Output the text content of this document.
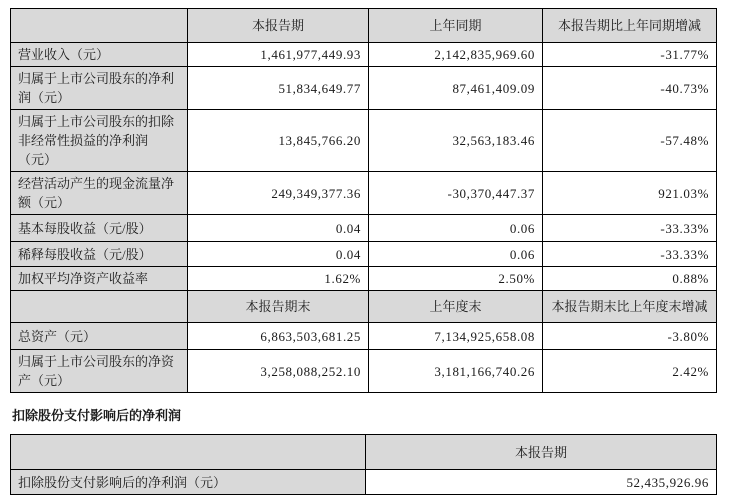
	本报告期	上年同期	本报告期比上年同期增减
营业收入（元）	1,461,977,449.93	2,142,835,969.60	-31.77%
归属于上市公司股东的净利润（元）	51,834,649.77	87,461,409.09	-40.73%
归属于上市公司股东的扣除非经常性损益的净利润（元）	13,845,766.20	32,563,183.46	-57.48%
经营活动产生的现金流量净额（元）	249,349,377.36	-30,370,447.37	921.03%
基本每股收益（元/股）	0.04	0.06	-33.33%
稀释每股收益（元/股）	0.04	0.06	-33.33%
加权平均净资产收益率	1.62%	2.50%	0.88%
	本报告期末	上年度末	本报告期末比上年度末增减
总资产（元）	6,863,503,681.25	7,134,925,658.08	-3.80%
归属于上市公司股东的净资产（元）	3,258,088,252.10	3,181,166,740.26	2.42%
扣除股份支付影响后的净利润
	本报告期
扣除股份支付影响后的净利润（元）	52,435,926.96
